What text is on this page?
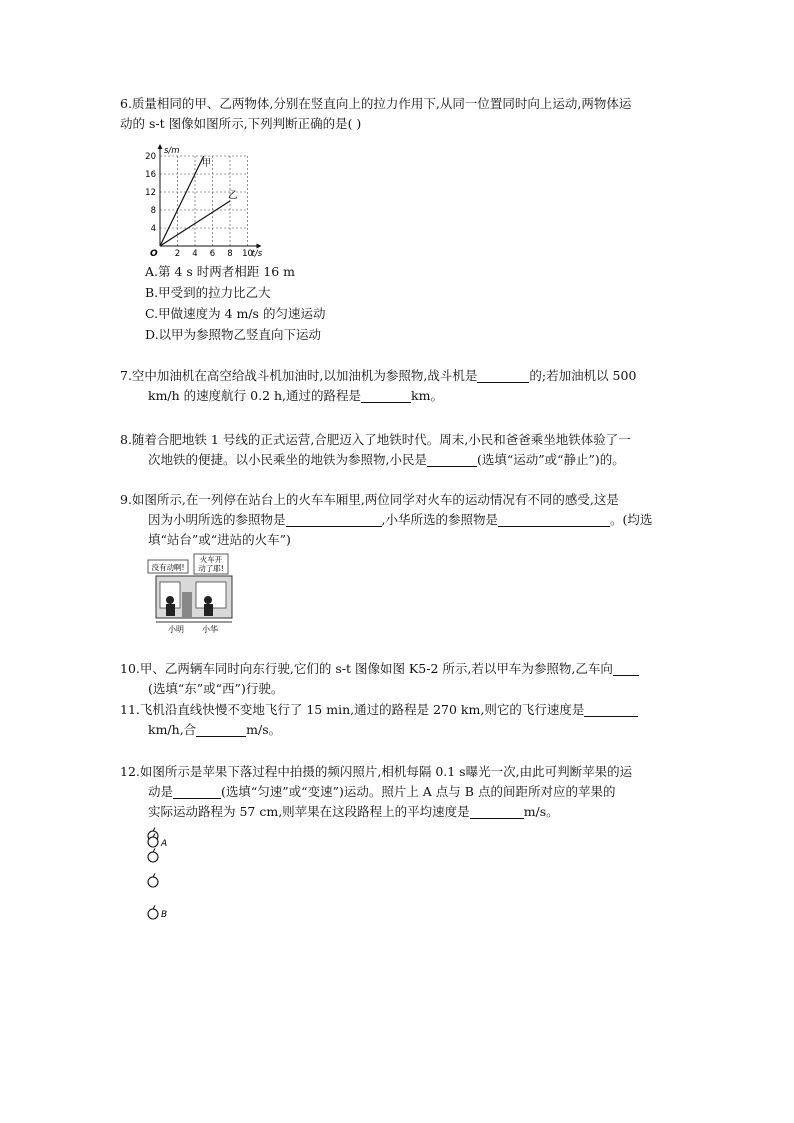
6.质量相同的甲、乙两物体,分别在竖直向上的拉力作用下,从同一位置同时向上运动,两物体运
动的 s-t 图像如图所示,下列判断正确的是( )
s/m
t/s
O 2 4 6 8 10
4
8
12
16
20
甲
乙
A.第 4 s 时两者相距 16 m
B.甲受到的拉力比乙大
C.甲做速度为 4 m/s 的匀速运动
D.以甲为参照物乙竖直向下运动
7.空中加油机在高空给战斗机加油时,以加油机为参照物,战斗机是	的;若加油机以 500
km/h 的速度航行 0.2 h,通过的路程是	km。
8.随着合肥地铁 1 号线的正式运营,合肥迈入了地铁时代。周末,小民和爸爸乘坐地铁体验了一
次地铁的便捷。以小民乘坐的地铁为参照物,小民是	(选填“运动”或“静止”)的。
9.如图所示,在一列停在站台上的火车车厢里,两位同学对火车的运动情况有不同的感受,这是
因为小明所选的参照物是	,小华所选的参照物是	。(均选
填“站台”或“进站的火车”)
没有动啊!
火车开
动了耶!
小明 小华
10.甲、乙两辆车同时向东行驶,它们的 s-t 图像如图 K5-2 所示,若以甲车为参照物,乙车向
(选填“东”或“西”)行驶。
11.飞机沿直线快慢不变地飞行了 15 min,通过的路程是 270 km,则它的飞行速度是
km/h,合	m/s。
12.如图所示是苹果下落过程中拍摄的频闪照片,相机每隔 0.1 s曝光一次,由此可判断苹果的运
动是	(选填“匀速”或“变速”)运动。照片上 A 点与 B 点的间距所对应的苹果的
实际运动路程为 57 cm,则苹果在这段路程上的平均速度是	m/s。
A
B
